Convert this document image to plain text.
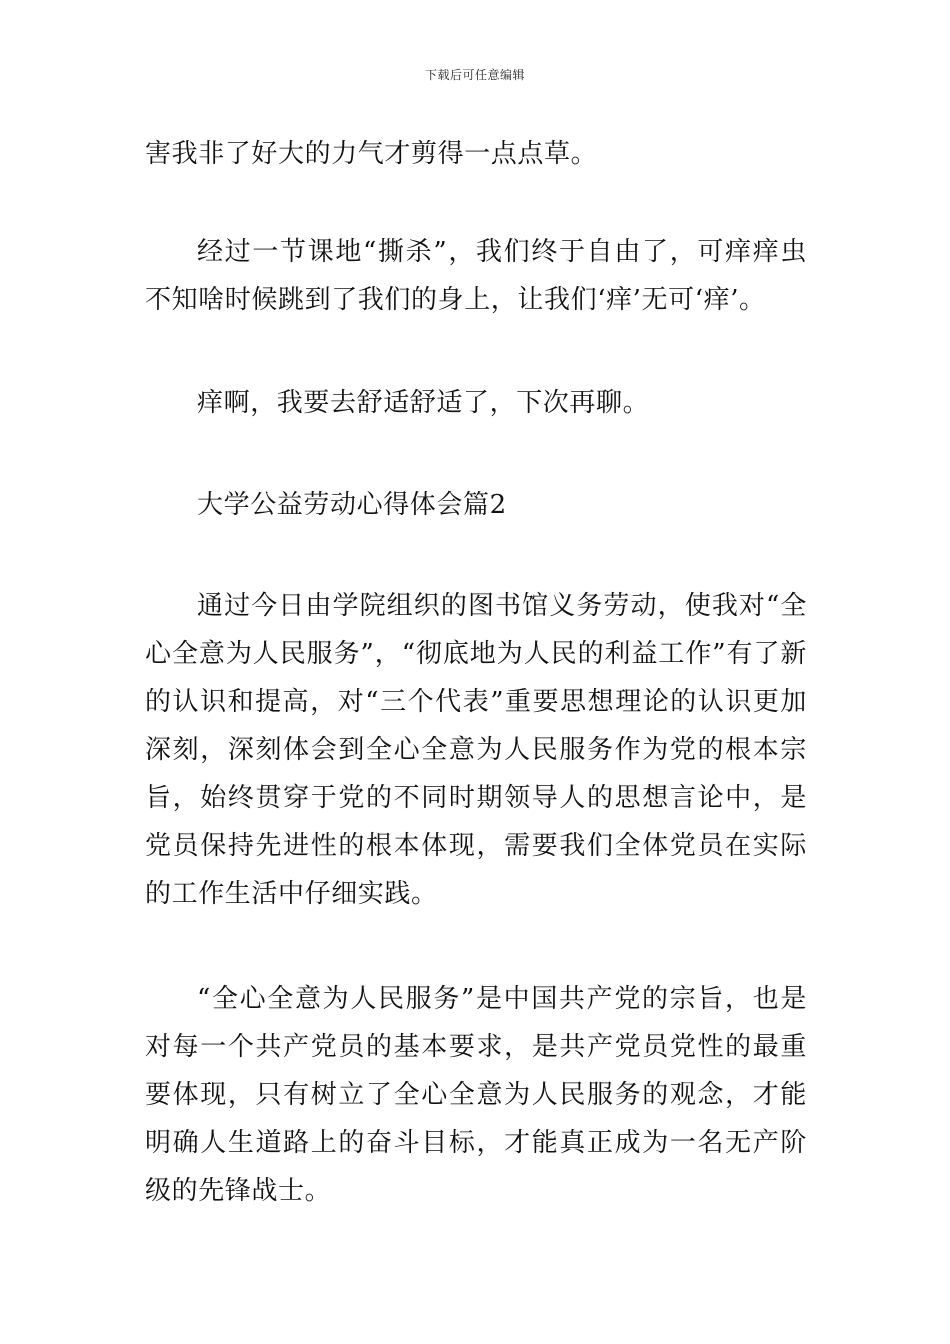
下载后可任意编辑

害我非了好大的力气才剪得一点点草。

经过一节课地“撕杀”，我们终于自由了，可痒痒虫不知啥时候跳到了我们的身上，让我们‘痒’无可‘痒’。

痒啊，我要去舒适舒适了，下次再聊。

大学公益劳动心得体会篇2

通过今日由学院组织的图书馆义务劳动，使我对“全心全意为人民服务”，“彻底地为人民的利益工作”有了新的认识和提高，对“三个代表”重要思想理论的认识更加深刻，深刻体会到全心全意为人民服务作为党的根本宗旨，始终贯穿于党的不同时期领导人的思想言论中，是党员保持先进性的根本体现，需要我们全体党员在实际的工作生活中仔细实践。

“全心全意为人民服务”是中国共产党的宗旨，也是对每一个共产党员的基本要求，是共产党员党性的最重要体现，只有树立了全心全意为人民服务的观念，才能明确人生道路上的奋斗目标，才能真正成为一名无产阶级的先锋战士。
